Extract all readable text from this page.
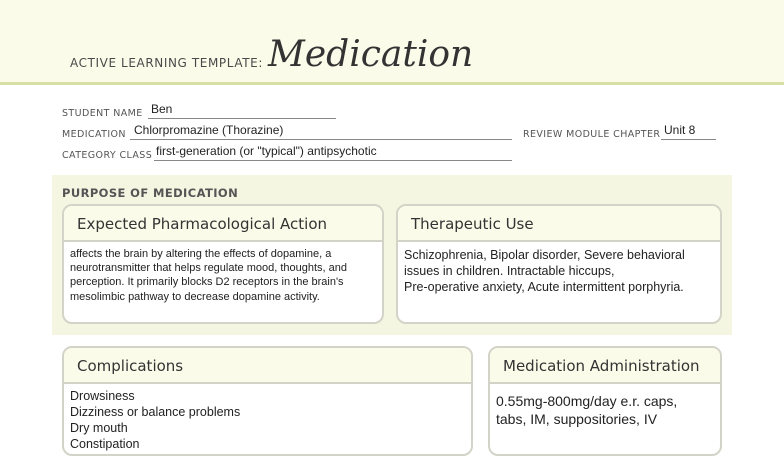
ACTIVE LEARNING TEMPLATE: Medication
STUDENT NAME Ben
MEDICATION Chlorpromazine (Thorazine)	REVIEW MODULE CHAPTER Unit 8
CATEGORY CLASS first-generation (or "typical") antipsychotic
PURPOSE OF MEDICATION
Expected Pharmacological Action
affects the brain by altering the effects of dopamine, a
neurotransmitter that helps regulate mood, thoughts, and
perception. It primarily blocks D2 receptors in the brain's
mesolimbic pathway to decrease dopamine activity.
Therapeutic Use
Schizophrenia, Bipolar disorder, Severe behavioral
issues in children. Intractable hiccups,
Pre-operative anxiety, Acute intermittent porphyria.
Complications
Drowsiness
Dizziness or balance problems
Dry mouth
Constipation
Medication Administration
0.55mg-800mg/day e.r. caps,
tabs, IM, suppositories, IV
